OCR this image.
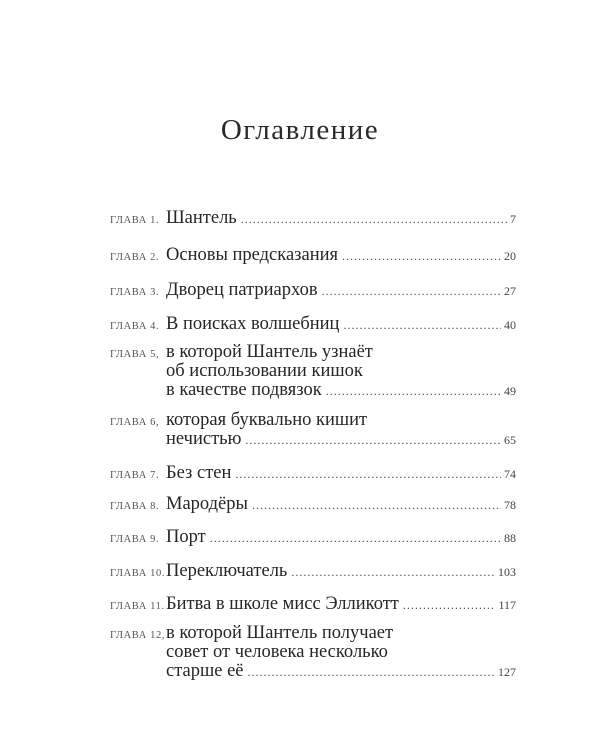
Оглавление
ГЛАВА 1. Шантель .....	7
ГЛАВА 2. Основы предсказания .....	20
ГЛАВА 3. Дворец патриархов .....	27
ГЛАВА 4. В поисках волшебниц .....	40
ГЛАВА 5, в которой Шантель узнаёт
об использовании кишок
в качестве подвязок .....	49
ГЛАВА 6, которая буквально кишит
нечистью .....	65
ГЛАВА 7. Без стен .....	74
ГЛАВА 8. Мародёры .....	78
ГЛАВА 9. Порт .....	88
ГЛАВА 10. Переключатель .....	103
ГЛАВА 11. Битва в школе мисс Элликотт .....	117
ГЛАВА 12, в которой Шантель получает
совет от человека несколько
старше её .....	127
